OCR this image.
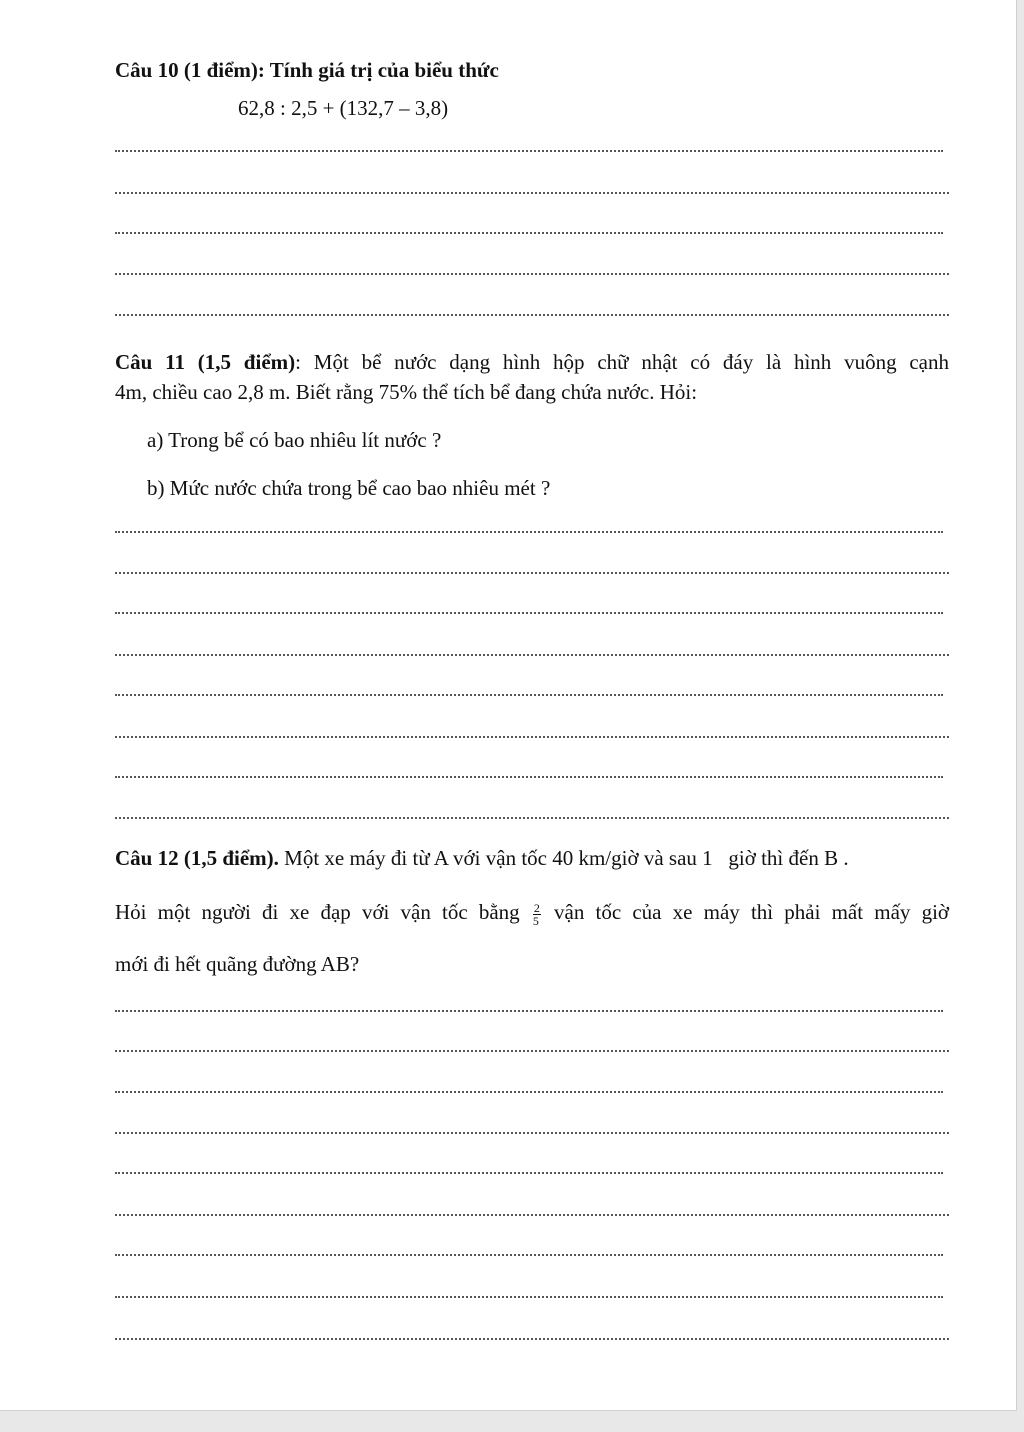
Câu 10 (1 điểm): Tính giá trị của biểu thức
62,8 : 2,5 + (132,7 – 3,8)
Câu 11 (1,5 điểm): Một bể nước dạng hình hộp chữ nhật có đáy là hình vuông cạnh
4m, chiều cao 2,8 m. Biết rằng 75% thể tích bể đang chứa nước. Hỏi:
a) Trong bể có bao nhiêu lít nước ?
b) Mức nước chứa trong bể cao bao nhiêu mét ?
Câu 12 (1,5 điểm). Một xe máy đi từ A với vận tốc 40 km/giờ và sau 1   giờ thì đến B .
Hỏi một người đi xe đạp với vận tốc bằng $\frac{2}{5}$ vận tốc của xe máy thì phải mất mấy giờ
mới đi hết quãng đường AB?
